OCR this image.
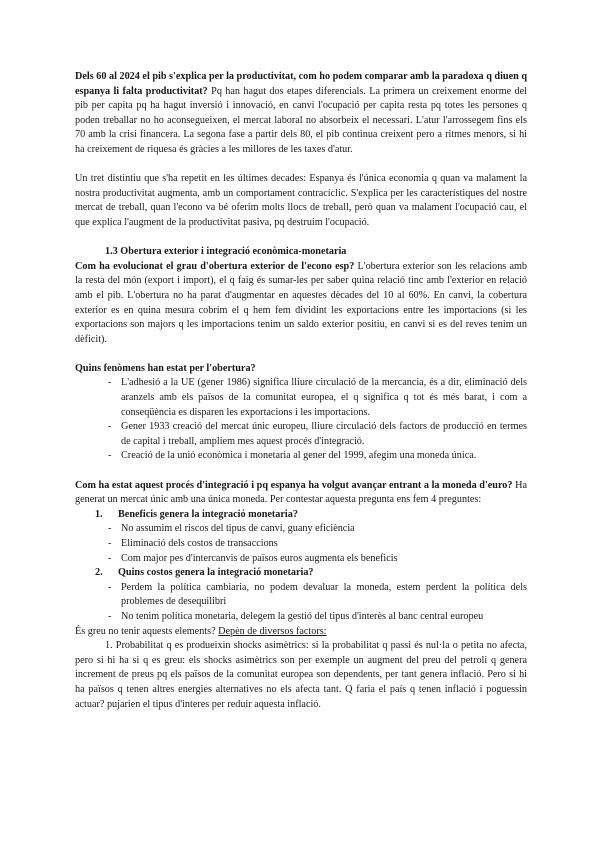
Dels 60 al 2024 el pib s'explica per la productivitat, com ho podem comparar amb la paradoxa q diuen q espanya li falta productivitat? Pq han hagut dos etapes diferencials. La primera un creixement enorme del pib per capita pq ha hagut inversió i innovació, en canvi l'ocupació per capita resta pq totes les persones q poden treballar no ho aconsegueixen, el mercat laboral no absorbeix el necessari. L'atur l'arrossegem fins els 70 amb la crisi financera. La segona fase a partir dels 80, el pib continua creixent pero a ritmes menors, si hi ha creixement de riquesa és gràcies a les millores de les taxes d'atur.

Un tret distintiu que s'ha repetit en les últimes decades: Espanya és l'única economia q quan va malament la nostra productivitat augmenta, amb un comportament contracíclic. S'explica per les característiques del nostre mercat de treball, quan l'econo va bé oferim molts llocs de treball, però quan va malament l'ocupació cau, el que explica l'augment de la productivitat pasiva, pq destruim l'ocupació.

1.3 Obertura exterior i integració econòmica-monetaria

Com ha evolucionat el grau d'obertura exterior de l'econo esp? L'obertura exterior son les relacions amb la resta del món (export i import), el q faig és sumar-les per saber quina relació tinc amb l'exterior en relació amb el pib. L'obertura no ha parat d'augmentar en aquestes dècades del 10 al 60%. En canvi, la cobertura exterior es en quina mesura cobrim el q hem fem dividint les exportacions entre les importacions (si les exportacions son majors q les importacions tenim un saldo exterior positiu, en canvi si es del reves tenim un dèficit).

Quins fenòmens han estat per l'obertura?

- L'adhesió a la UE (gener 1986) significa lliure circulació de la mercancia, és a dir, eliminació dels aranzels amb els països de la comunitat europea, el q significa q tot és més barat, i com a conseqüència es disparen les exportacions i les importacions.
- Gener 1933 creació del mercat únic europeu, lliure circulació dels factors de producció en termes de capital i treball, ampliem mes aquest procés d'integració.
- Creació de la unió econòmica i monetaria al gener del 1999, afegim una moneda única.

Com ha estat aquest procés d'integració i pq espanya ha volgut avançar entrant a la moneda d'euro? Ha generat un mercat únic amb una única moneda. Per contestar aquesta pregunta ens fem 4 preguntes:

1. Beneficis genera la integració monetaria?
- No assumim el riscos del tipus de canvi, guany eficiència
- Eliminació dels costos de transaccions
- Com major pes d'intercanvis de països euros augmenta els beneficis
2. Quins costos genera la integració monetaria?
- Perdem la política cambiaria, no podem devaluar la moneda, estem perdent la política dels problemes de desequilibri
- No tenim política monetaria, delegem la gestió del tipus d'interès al banc central europeu

És greu no tenir aquests elements? Depèn de diversos factors:

1. Probabilitat q es produeixin shocks asimètrics: si la probabilitat q passi és nul·la o petita no afecta, pero si hi ha si q es greu: els shocks asimètrics son per exemple un augment del preu del petroli q genera increment de preus pq els països de la comunitat europea son dependents, per tant genera inflació. Pero si hi ha països q tenen altres energies alternatives no els afecta tant. Q faria el país q tenen inflació i poguessin actuar? pujarien el tipus d'interes per reduir aquesta inflació.
